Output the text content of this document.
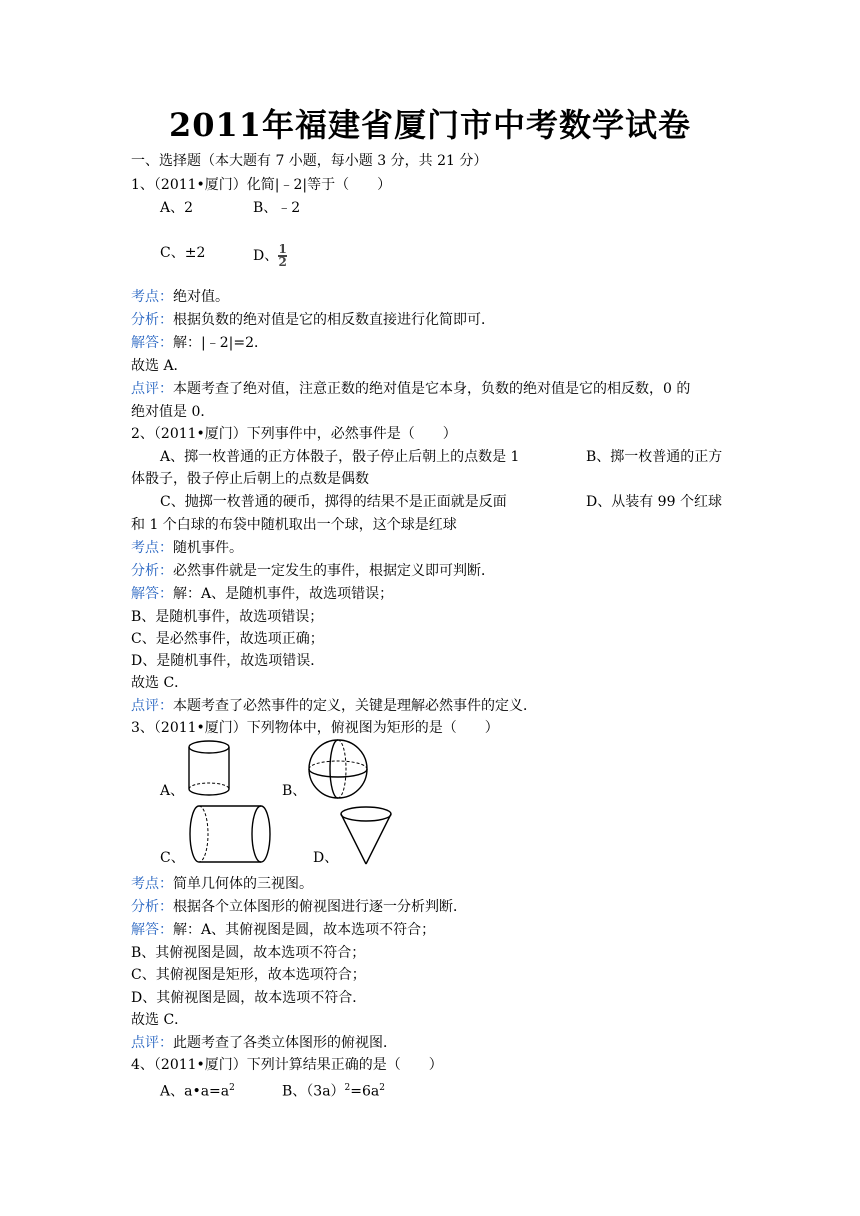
2011年福建省厦门市中考数学试卷
一、选择题（本大题有 7 小题，每小题 3 分，共 21 分）
1、（2011•厦门）化简|﹣2|等于（　　）
A、2	B、﹣2
C、±2	D、 $\frac{1}{2}$
考点：绝对值。
分析：根据负数的绝对值是它的相反数直接进行化简即可．
解答：解：|﹣2|=2．
故选 A．
点评：本题考查了绝对值，注意正数的绝对值是它本身，负数的绝对值是它的相反数，0 的
绝对值是 0．
2、（2011•厦门）下列事件中，必然事件是（　　）
A、掷一枚普通的正方体骰子，骰子停止后朝上的点数是 1	B、掷一枚普通的正方
体骰子，骰子停止后朝上的点数是偶数
C、抛掷一枚普通的硬币，掷得的结果不是正面就是反面	D、从装有 99 个红球
和 1 个白球的布袋中随机取出一个球，这个球是红球
考点：随机事件。
分析：必然事件就是一定发生的事件，根据定义即可判断．
解答：解：A、是随机事件，故选项错误；
B、是随机事件，故选项错误；
C、是必然事件，故选项正确；
D、是随机事件，故选项错误．
故选 C．
点评：本题考查了必然事件的定义，关键是理解必然事件的定义．
3、（2011•厦门）下列物体中，俯视图为矩形的是（　　）
A、	B、
C、	D、
考点：简单几何体的三视图。
分析：根据各个立体图形的俯视图进行逐一分析判断．
解答：解：A、其俯视图是圆，故本选项不符合；
B、其俯视图是圆，故本选项不符合；
C、其俯视图是矩形，故本选项符合；
D、其俯视图是圆，故本选项不符合．
故选 C．
点评：此题考查了各类立体图形的俯视图．
4、（2011•厦门）下列计算结果正确的是（　　）
A、$a•a=a^2$	B、$(3a)^2=6a^2$
